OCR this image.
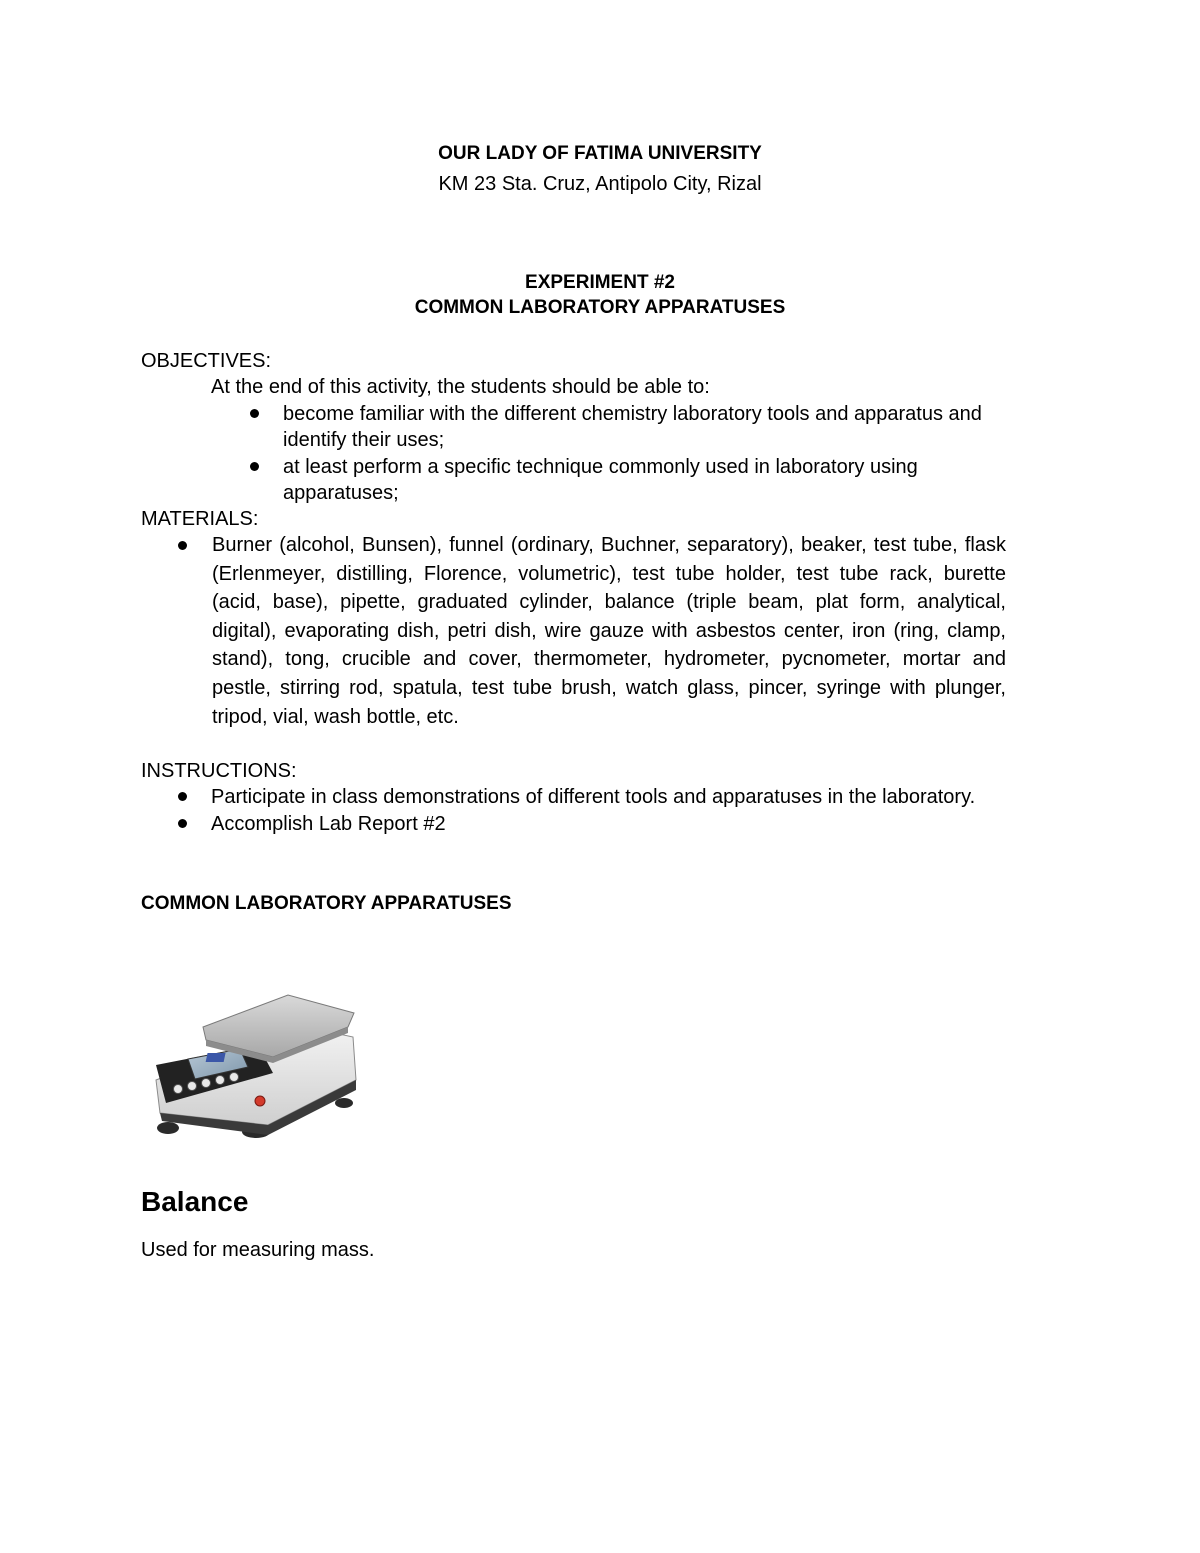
OUR LADY OF FATIMA UNIVERSITY
KM 23 Sta. Cruz, Antipolo City, Rizal
EXPERIMENT #2
COMMON LABORATORY APPARATUSES
OBJECTIVES:
At the end of this activity, the students should be able to:
become familiar with the different chemistry laboratory tools and apparatus and
identify their uses;
at least perform a specific technique commonly used in laboratory using
apparatuses;
MATERIALS:
Burner (alcohol, Bunsen), funnel (ordinary, Buchner, separatory), beaker, test tube, flask (Erlenmeyer, distilling, Florence, volumetric), test tube holder, test tube rack, burette (acid, base), pipette, graduated cylinder, balance (triple beam, plat form, analytical, digital), evaporating dish, petri dish, wire gauze with asbestos center, iron (ring, clamp, stand), tong, crucible and cover, thermometer, hydrometer, pycnometer, mortar and pestle, stirring rod, spatula, test tube brush, watch glass, pincer, syringe with plunger, tripod, vial, wash bottle, etc.
INSTRUCTIONS:
Participate in class demonstrations of different tools and apparatuses in the laboratory.
Accomplish Lab Report #2
COMMON LABORATORY APPARATUSES
Balance
Used for measuring mass.
